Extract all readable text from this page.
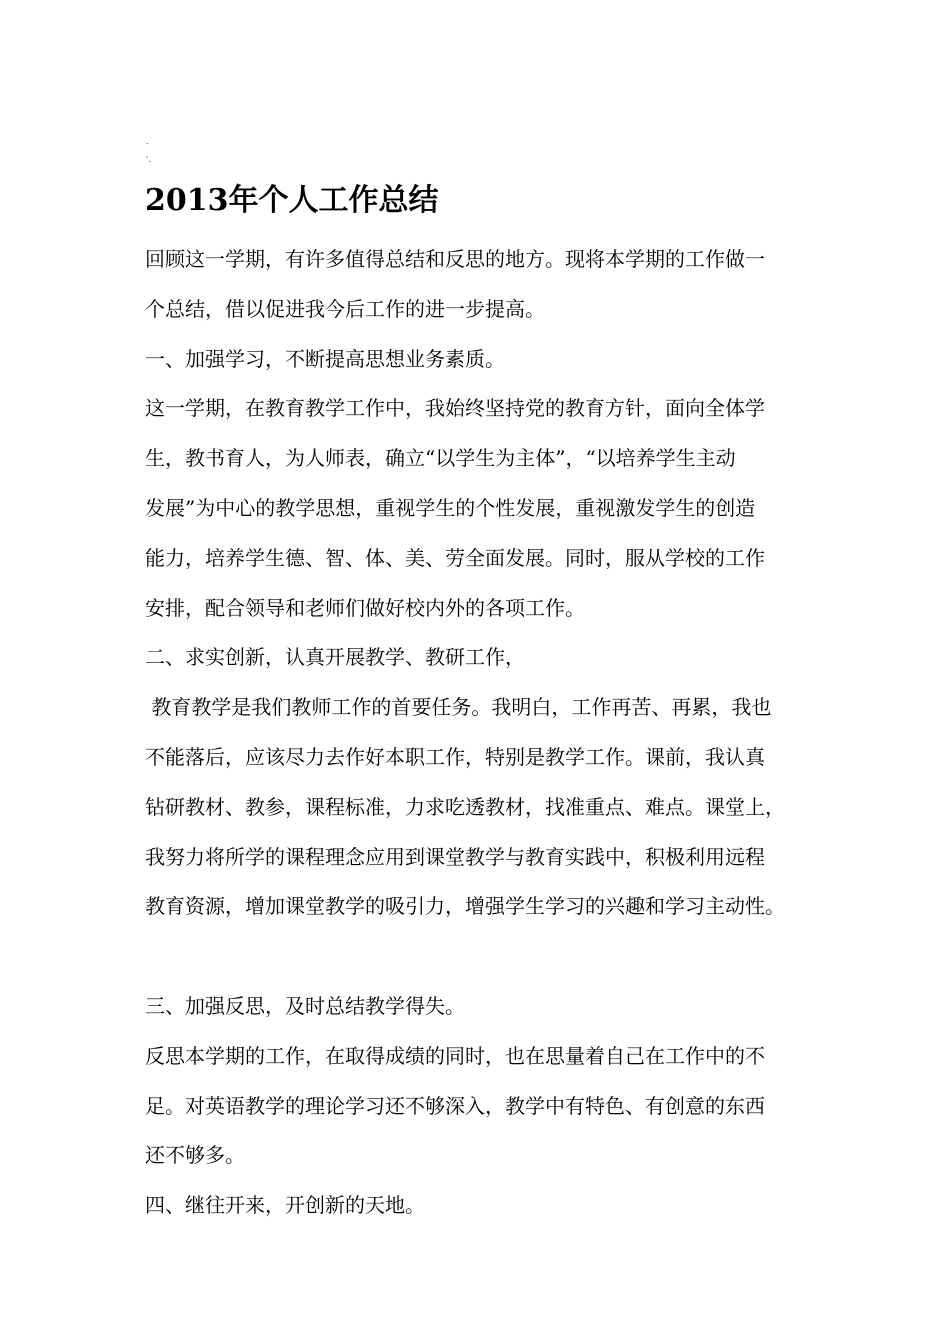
.
'.
2013年个人工作总结

回顾这一学期，有许多值得总结和反思的地方。现将本学期的工作做一

个总结，借以促进我今后工作的进一步提高。

一、加强学习，不断提高思想业务素质。

这一学期，在教育教学工作中，我始终坚持党的教育方针，面向全体学

生，教书育人，为人师表，确立“以学生为主体”，“以培养学生主动

发展”为中心的教学思想，重视学生的个性发展，重视激发学生的创造

能力，培养学生德、智、体、美、劳全面发展。同时，服从学校的工作

安排，配合领导和老师们做好校内外的各项工作。

二、求实创新，认真开展教学、教研工作，

教育教学是我们教师工作的首要任务。我明白，工作再苦、再累，我也

不能落后，应该尽力去作好本职工作，特别是教学工作。课前，我认真

钻研教材、教参，课程标准，力求吃透教材，找准重点、难点。课堂上，

我努力将所学的课程理念应用到课堂教学与教育实践中，积极利用远程

教育资源，增加课堂教学的吸引力，增强学生学习的兴趣和学习主动性。

三、加强反思，及时总结教学得失。

反思本学期的工作，在取得成绩的同时，也在思量着自己在工作中的不

足。对英语教学的理论学习还不够深入，教学中有特色、有创意的东西

还不够多。

四、继往开来，开创新的天地。
